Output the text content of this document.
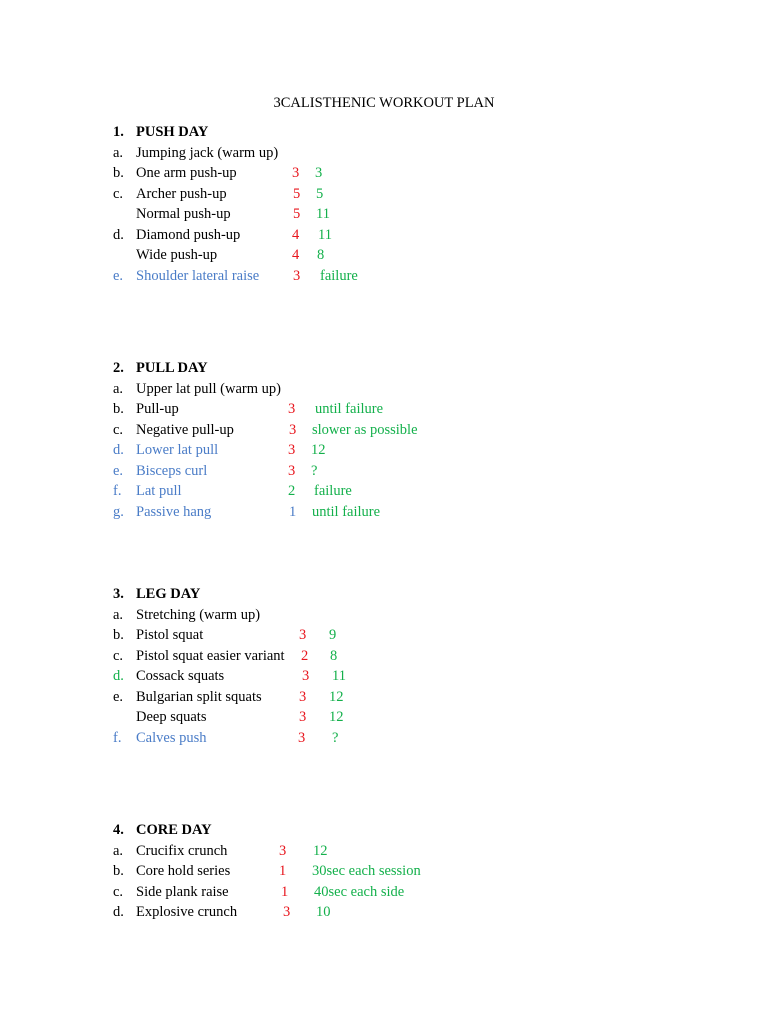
3CALISTHENIC WORKOUT PLAN
1. PUSH DAY
a. Jumping jack (warm up)
b. One arm push-up	3 3
c. Archer push-up	5 5
Normal push-up	5 11
d. Diamond push-up	4 11
Wide push-up	4 8
e. Shoulder lateral raise 3 failure
2. PULL DAY
a. Upper lat pull (warm up)
b. Pull-up	3 until failure
c. Negative pull-up	3 slower as possible
d. Lower lat pull	3 12
e. Bisceps curl	3 ?
f. Lat pull	2 failure
g. Passive hang	1 until failure
3. LEG DAY
a. Stretching (warm up)
b. Pistol squat	3 9
c. Pistol squat easier variant 2 8
d. Cossack squats	3 11
e. Bulgarian split squats	3 12
Deep squats	3 12
f. Calves push	3 ?
4. CORE DAY
a. Crucifix crunch	3 12
b. Core hold series	1 30sec each session
c. Side plank raise	1 40sec each side
d. Explosive crunch	3 10
